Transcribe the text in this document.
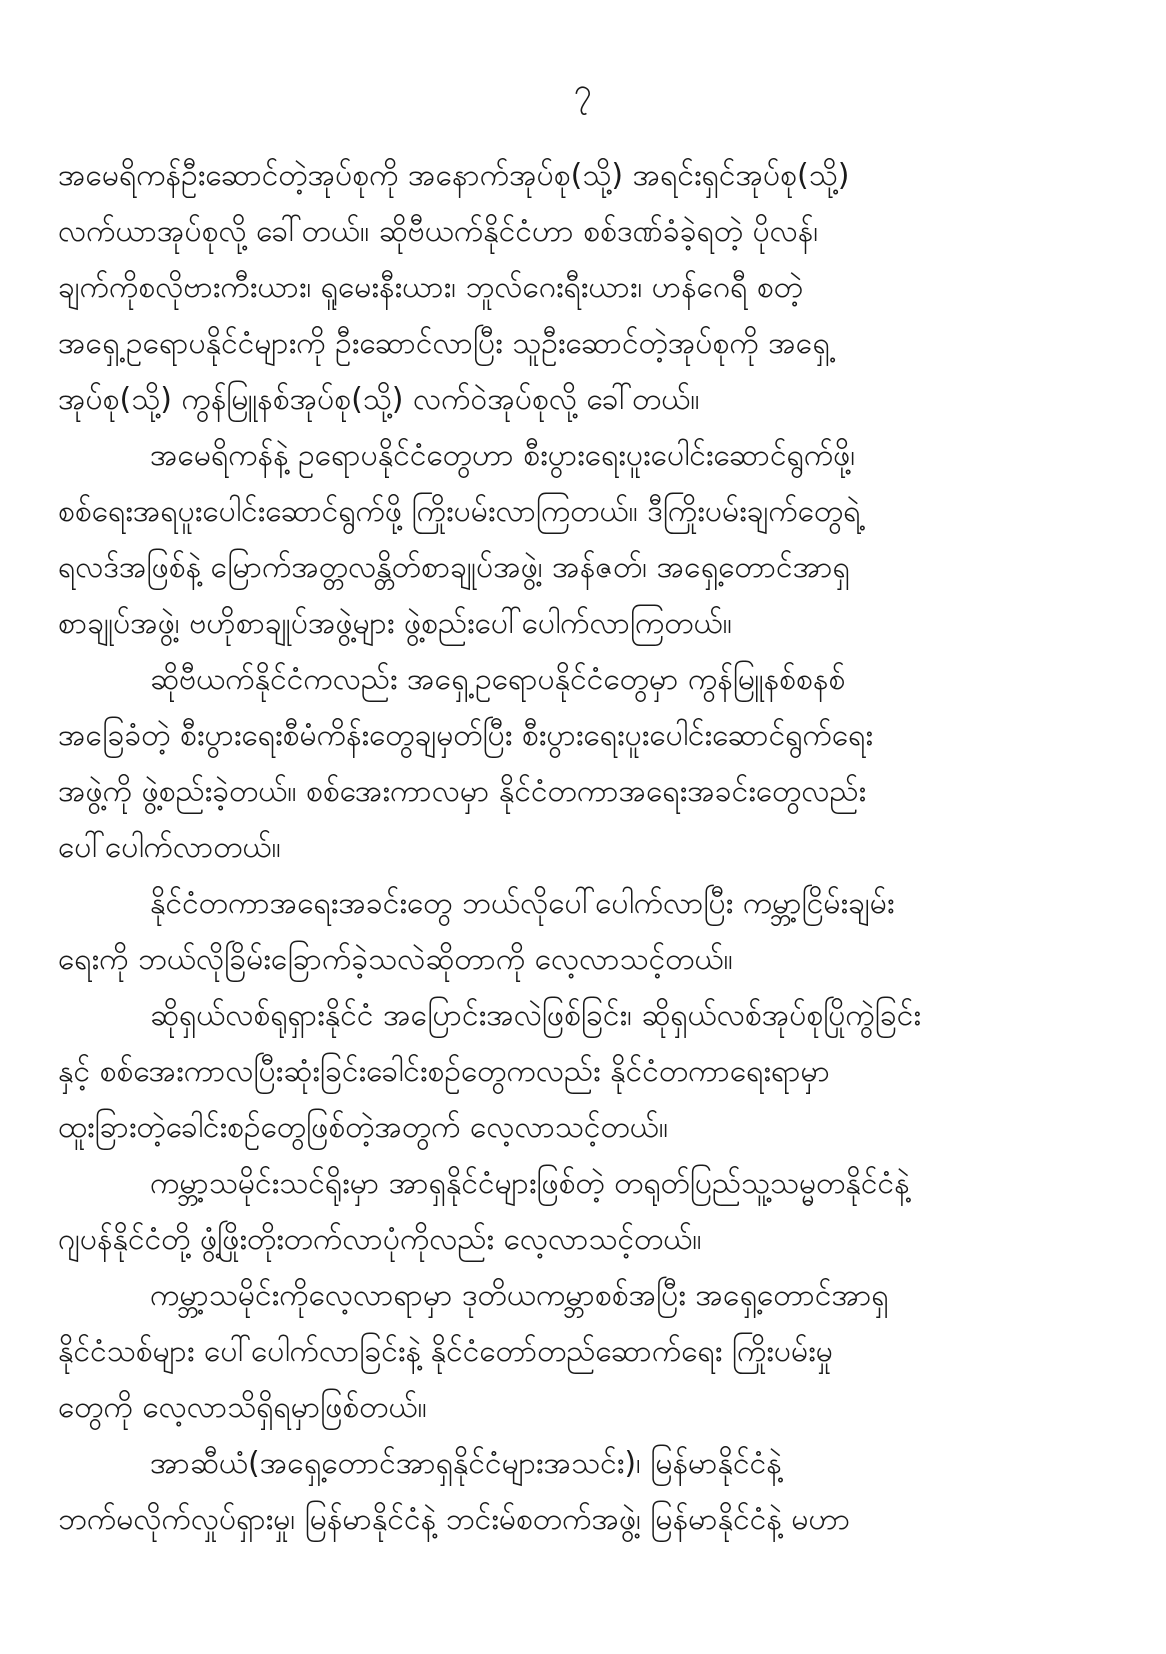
၇
အမေရိကန်ဦးဆောင်တဲ့အုပ်စုကို အနောက်အုပ်စု(သို့) အရင်းရှင်အုပ်စု(သို့)
လက်ယာအုပ်စုလို့ ခေါ်တယ်။ ဆိုဗီယက်နိုင်ငံဟာ စစ်ဒဏ်ခံခဲ့ရတဲ့ ပိုလန်၊
ချက်ကိုစလိုဗားကီးယား၊ ရူမေးနီးယား၊ ဘူလ်ဂေးရီးယား၊ ဟန်ဂေရီ စတဲ့
အရှေ့ဥရောပနိုင်ငံများကို ဦးဆောင်လာပြီး သူဦးဆောင်တဲ့အုပ်စုကို အရှေ့
အုပ်စု(သို့) ကွန်မြူနစ်အုပ်စု(သို့) လက်ဝဲအုပ်စုလို့ ခေါ်တယ်။
အမေရိကန်နဲ့ ဥရောပနိုင်ငံတွေဟာ စီးပွားရေးပူးပေါင်းဆောင်ရွက်ဖို့၊
စစ်ရေးအရပူးပေါင်းဆောင်ရွက်ဖို့ ကြိုးပမ်းလာကြတယ်။ ဒီကြိုးပမ်းချက်တွေရဲ့
ရလဒ်အဖြစ်နဲ့ မြောက်အတ္တလန္တိတ်စာချုပ်အဖွဲ့၊ အန်ဇတ်၊ အရှေ့တောင်အာရှ
စာချုပ်အဖွဲ့၊ ဗဟိုစာချုပ်အဖွဲ့များ ဖွဲ့စည်းပေါ်ပေါက်လာကြတယ်။
ဆိုဗီယက်နိုင်ငံကလည်း အရှေ့ဥရောပနိုင်ငံတွေမှာ ကွန်မြူနစ်စနစ်
အခြေခံတဲ့ စီးပွားရေးစီမံကိန်းတွေချမှတ်ပြီး စီးပွားရေးပူးပေါင်းဆောင်ရွက်ရေး
အဖွဲ့ကို ဖွဲ့စည်းခဲ့တယ်။ စစ်အေးကာလမှာ နိုင်ငံတကာအရေးအခင်းတွေလည်း
ပေါ်ပေါက်လာတယ်။
နိုင်ငံတကာအရေးအခင်းတွေ ဘယ်လိုပေါ်ပေါက်လာပြီး ကမ္ဘာ့ငြိမ်းချမ်း
ရေးကို ဘယ်လိုခြိမ်းခြောက်ခဲ့သလဲဆိုတာကို လေ့လာသင့်တယ်။
ဆိုရှယ်လစ်ရုရှားနိုင်ငံ အပြောင်းအလဲဖြစ်ခြင်း၊ ဆိုရှယ်လစ်အုပ်စုပြိုကွဲခြင်း
နှင့် စစ်အေးကာလပြီးဆုံးခြင်းခေါင်းစဉ်တွေကလည်း နိုင်ငံတကာရေးရာမှာ
ထူးခြားတဲ့ခေါင်းစဉ်တွေဖြစ်တဲ့အတွက် လေ့လာသင့်တယ်။
ကမ္ဘာ့သမိုင်းသင်ရိုးမှာ အာရှနိုင်ငံများဖြစ်တဲ့ တရုတ်ပြည်သူ့သမ္မတနိုင်ငံနဲ့
ဂျပန်နိုင်ငံတို့ ဖွံ့ဖြိုးတိုးတက်လာပုံကိုလည်း လေ့လာသင့်တယ်။
ကမ္ဘာ့သမိုင်းကိုလေ့လာရာမှာ ဒုတိယကမ္ဘာစစ်အပြီး အရှေ့တောင်အာရှ
နိုင်ငံသစ်များ ပေါ်ပေါက်လာခြင်းနဲ့ နိုင်ငံတော်တည်ဆောက်ရေး ကြိုးပမ်းမှု
တွေကို လေ့လာသိရှိရမှာဖြစ်တယ်။
အာဆီယံ(အရှေ့တောင်အာရှနိုင်ငံများအသင်း)၊ မြန်မာနိုင်ငံနဲ့
ဘက်မလိုက်လှုပ်ရှားမှု၊ မြန်မာနိုင်ငံနဲ့ ဘင်းမ်စတက်အဖွဲ့၊ မြန်မာနိုင်ငံနဲ့ မဟာ
